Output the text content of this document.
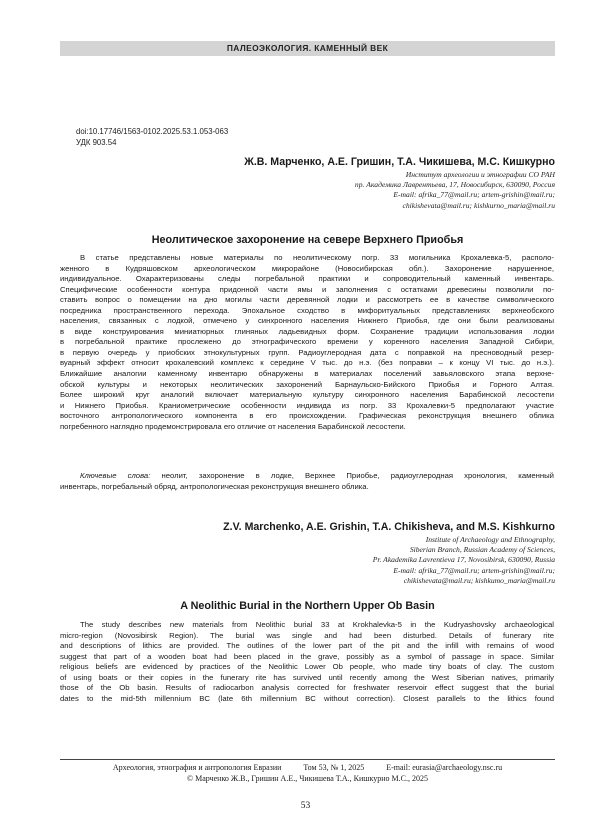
ПАЛЕОЭКОЛОГИЯ. КАМЕННЫЙ ВЕК
doi:10.17746/1563-0102.2025.53.1.053-063
УДК 903.54
Ж.В. Марченко, А.Е. Гришин, Т.А. Чикишева, М.С. Кишкурно
Институт археологии и этнографии СО РАН
пр. Академика Лаврентьева, 17, Новосибирск, 630090, Россия
E-mail: afrika_77@mail.ru; artem-grishin@mail.ru;
chikishevata@mail.ru; kishkurno_maria@mail.ru
Неолитическое захоронение на севере Верхнего Приобья
В статье представлены новые материалы по неолитическому погр. 33 могильника Крохалевка-5, располо-
женного в Кудряшовском археологическом микрорайоне (Новосибирская обл.). Захоронение нарушенное,
индивидуальное. Охарактеризованы следы погребальной практики и сопроводительный каменный инвентарь.
Специфические особенности контура придонной части ямы и заполнения с остатками древесины позволили по-
ставить вопрос о помещении на дно могилы части деревянной лодки и рассмотреть ее в качестве символического
посредника пространственного перехода. Эпохальное сходство в мифоритуальных представлениях верхнеобского
населения, связанных с лодкой, отмечено у синхронного населения Нижнего Приобья, где они были реализованы
в виде конструирования миниатюрных глиняных ладьевидных форм. Сохранение традиции использования лодки
в погребальной практике прослежено до этнографического времени у коренного населения Западной Сибири,
в первую очередь у приобских этнокультурных групп. Радиоуглеродная дата с поправкой на пресноводный резер-
вуарный эффект относит крохалевский комплекс к середине V тыс. до н.э. (без поправки – к концу VI тыс. до н.э.).
Ближайшие аналогии каменному инвентарю обнаружены в материалах поселений завьяловского этапа верхне-
обской культуры и некоторых неолитических захоронений Барнаульско-Бийского Приобья и Горного Алтая.
Более широкий круг аналогий включает материальную культуру синхронного населения Барабинской лесостепи
и Нижнего Приобья. Краниометрические особенности индивида из погр. 33 Крохалевки-5 предполагают участие
восточного антропологического компонента в его происхождении. Графическая реконструкция внешнего облика
погребенного наглядно продемонстрировала его отличие от населения Барабинской лесостепи.
Ключевые слова: неолит, захоронение в лодке, Верхнее Приобье, радиоуглеродная хронология, каменный
инвентарь, погребальный обряд, антропологическая реконструкция внешнего облика.
Z.V. Marchenko, A.E. Grishin, T.A. Chikisheva, and M.S. Kishkurno
Institute of Archaeology and Ethnography,
Siberian Branch, Russian Academy of Sciences,
Pr. Akademika Lavrentieva 17, Novosibirsk, 630090, Russia
E-mail: afrika_77@mail.ru; artem-grishin@mail.ru;
chikishevata@mail.ru; kishkumo_maria@mail.ru
A Neolithic Burial in the Northern Upper Ob Basin
The study describes new materials from Neolithic burial 33 at Krokhalevka-5 in the Kudryashovsky archaeological
micro-region (Novosibirsk Region). The burial was single and had been disturbed. Details of funerary rite
and descriptions of lithics are provided. The outlines of the lower part of the pit and the infill with remains of wood
suggest that part of a wooden boat had been placed in the grave, possibly as a symbol of passage in space. Similar
religious beliefs are evidenced by practices of the Neolithic Lower Ob people, who made tiny boats of clay. The custom
of using boats or their copies in the funerary rite has survived until recently among the West Siberian natives, primarily
those of the Ob basin. Results of radiocarbon analysis corrected for freshwater reservoir effect suggest that the burial
dates to the mid-5th millennium BC (late 6th millennium BC without correction). Closest parallels to the lithics found
Археология, этнография и антропология Евразии	Том 53, № 1, 2025	E-mail: eurasia@archaeology.nsc.ru
© Марченко Ж.В., Гришин А.Е., Чикишева Т.А., Кишкурно М.С., 2025
53
